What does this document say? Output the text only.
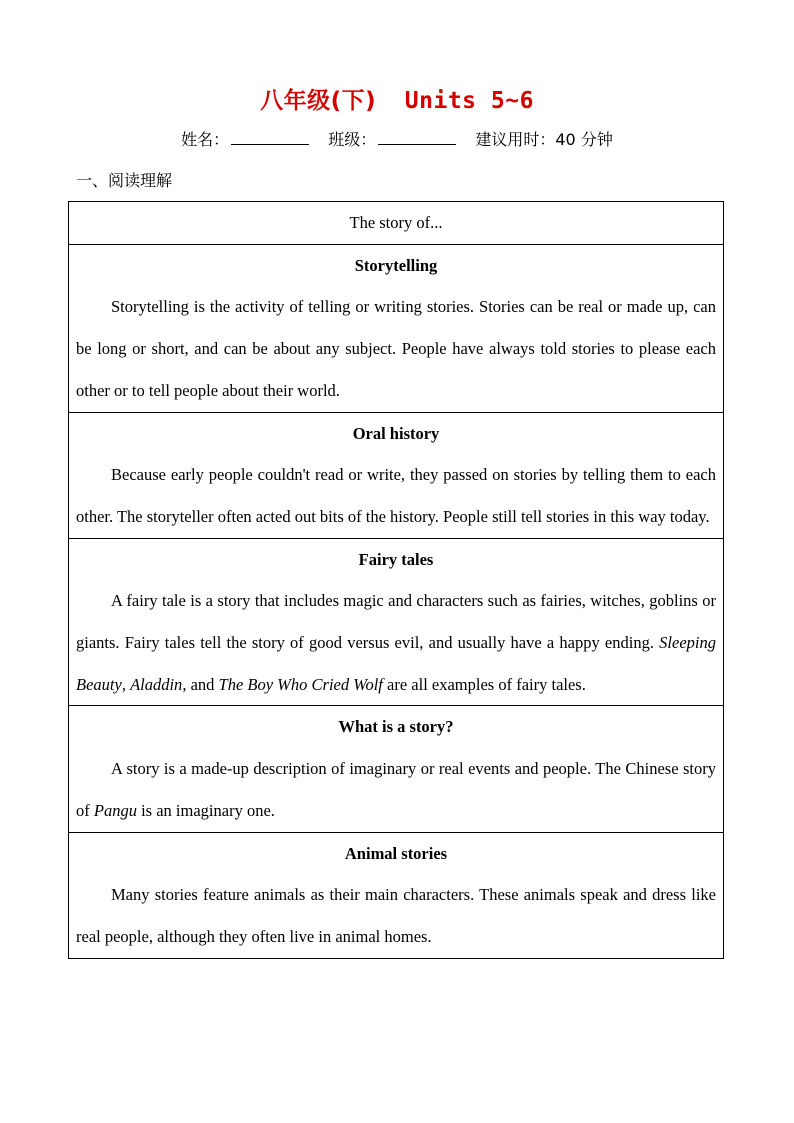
八年级(下) Units 5~6
姓名：	班级：	建议用时：40 分钟
一、阅读理解
The story of...
Storytelling

Storytelling is the activity of telling or writing stories. Stories can be real or made up, can be long or short, and can be about any subject. People have always told stories to please each other or to tell people about their world.

Oral history

Because early people couldn't read or write, they passed on stories by telling them to each other. The storyteller often acted out bits of the history. People still tell stories in this way today.

Fairy tales

A fairy tale is a story that includes magic and characters such as fairies, witches, goblins or giants. Fairy tales tell the story of good versus evil, and usually have a happy ending. Sleeping Beauty, Aladdin, and The Boy Who Cried Wolf are all examples of fairy tales.

What is a story?

A story is a made-up description of imaginary or real events and people. The Chinese story of Pangu is an imaginary one.

Animal stories

Many stories feature animals as their main characters. These animals speak and dress like real people, although they often live in animal homes.
